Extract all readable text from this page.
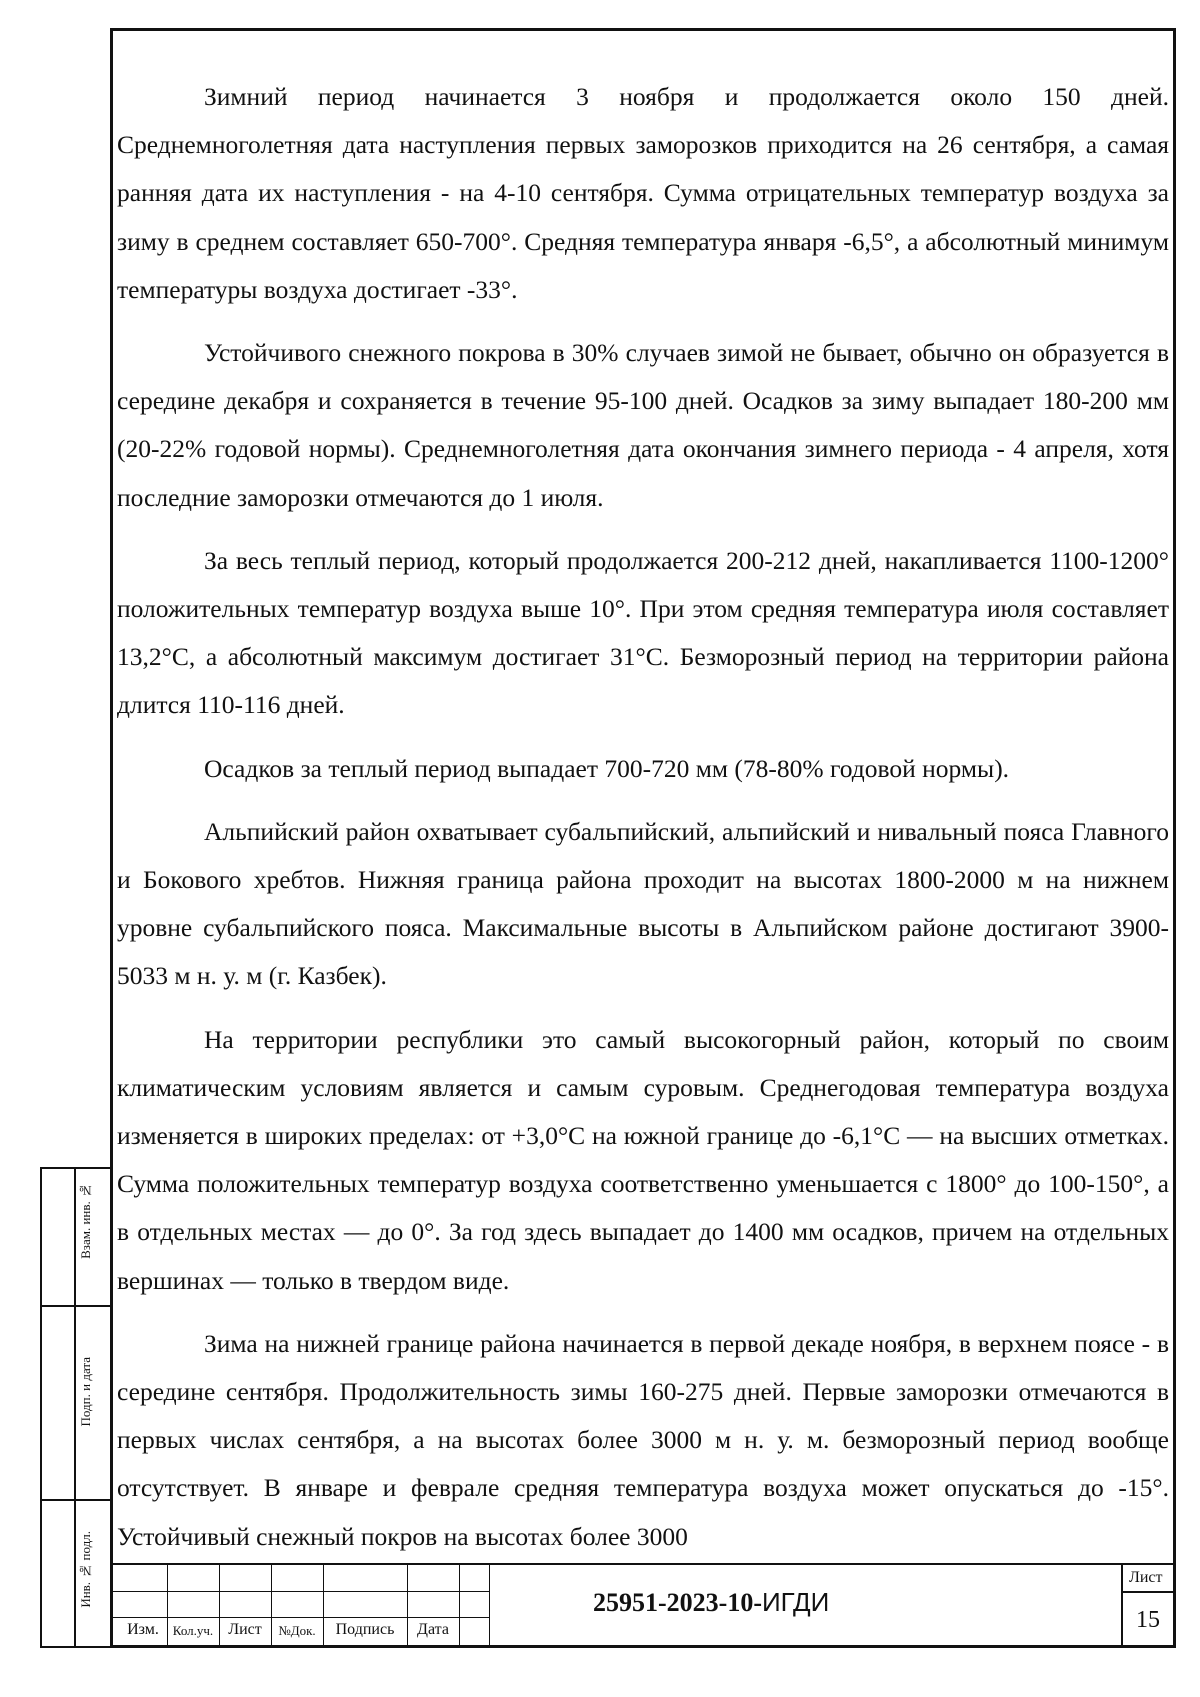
Зимний период начинается 3 ноября и продолжается около 150 дней. Среднемноголетняя дата наступления первых заморозков приходится на 26 сентября, а самая ранняя дата их наступления - на 4-10 сентября. Сумма отрицательных температур воздуха за зиму в среднем составляет 650-700°. Средняя температура января -6,5°, а абсолютный минимум температуры воздуха достигает -33°.

Устойчивого снежного покрова в 30% случаев зимой не бывает, обычно он образуется в середине декабря и сохраняется в течение 95-100 дней. Осадков за зиму выпадает 180-200 мм (20-22% годовой нормы). Среднемноголетняя дата окончания зимнего периода - 4 апреля, хотя последние заморозки отмечаются до 1 июля.

За весь теплый период, который продолжается 200-212 дней, накапливается 1100-1200° положительных температур воздуха выше 10°. При этом средняя температура июля составляет 13,2°С, а абсолютный максимум достигает 31°С. Безморозный период на территории района длится 110-116 дней.

Осадков за теплый период выпадает 700-720 мм (78-80% годовой нормы).

Альпийский район охватывает субальпийский, альпийский и нивальный пояса Главного и Бокового хребтов. Нижняя граница района проходит на высотах 1800-2000 м на нижнем уровне субальпийского пояса. Максимальные высоты в Альпийском районе достигают 3900-5033 м н. у. м (г. Казбек).

На территории республики это самый высокогорный район, который по своим климатическим условиям является и самым суровым. Среднегодовая температура воздуха изменяется в широких пределах: от +3,0°С на южной границе до -6,1°С — на высших отметках. Сумма положительных температур воздуха соответственно уменьшается с 1800° до 100-150°, а в отдельных местах — до 0°. За год здесь выпадает до 1400 мм осадков, причем на отдельных вершинах — только в твердом виде.

Зима на нижней границе района начинается в первой декаде ноября, в верхнем поясе - в середине сентября. Продолжительность зимы 160-275 дней. Первые заморозки отмечаются в первых числах сентября, а на высотах более 3000 м н. у. м. безморозный период вообще отсутствует. В январе и феврале средняя температура воздуха может опускаться до -15°. Устойчивый снежный покров на высотах более 3000

Изм.	Кол.уч. Лист	№Док.	Подпись	Дата
25951-2023-10-ИГДИ
Лист
15
Взам. инв. №
Подп. и дата
Инв. № подл.
